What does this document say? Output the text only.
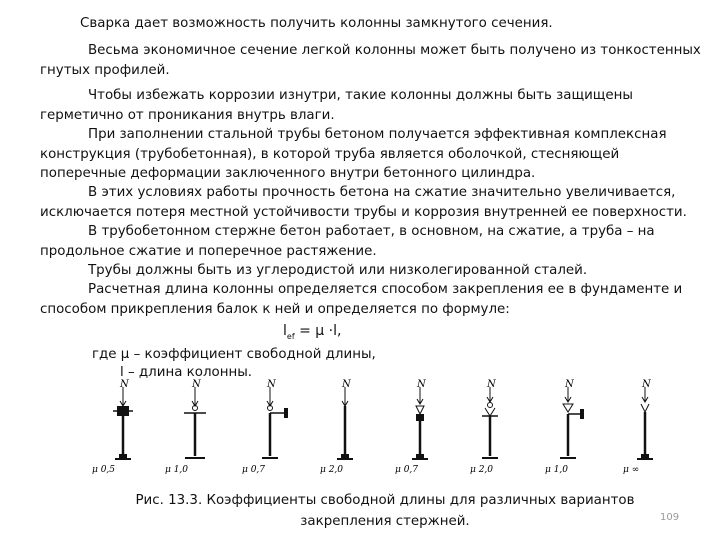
Сварка дает возможность получить колонны замкнутого сечения.

Весьма экономичное сечение легкой колонны может быть получено из тонкостенных гнутых профилей.

Чтобы избежать коррозии изнутри, такие колонны должны быть защищены герметично от проникания внутрь влаги.

При заполнении стальной трубы бетоном получается эффективная комплексная конструкция (трубобетонная), в которой труба является оболочкой, стесняющей поперечные деформации заключенного внутри бетонного цилиндра.

В этих условиях работы прочность бетона на сжатие значительно увеличивается, исключается потеря местной устойчивости трубы и коррозия внутренней ее поверхности.

В трубобетонном стержне бетон работает, в основном, на сжатие, а труба – на продольное сжатие и поперечное растяжение.

Трубы должны быть из углеродистой или низколегированной сталей.

Расчетная длина колонны определяется способом закрепления ее в фундаменте и способом прикрепления балок к ней и определяется по формуле:

$l_{ef} = \mu \cdot l$,
где μ – коэффициент свободной длины,
l – длина колонны.
N
μ 0,5
N
μ 1,0
N
μ 0,7
N
μ 2,0
N
μ 0,7
N
μ 2,0
N
μ 1,0
N
μ ∞
Рис. 13.3. Коэффициенты свободной длины для различных вариантов закрепления стержней.	109
